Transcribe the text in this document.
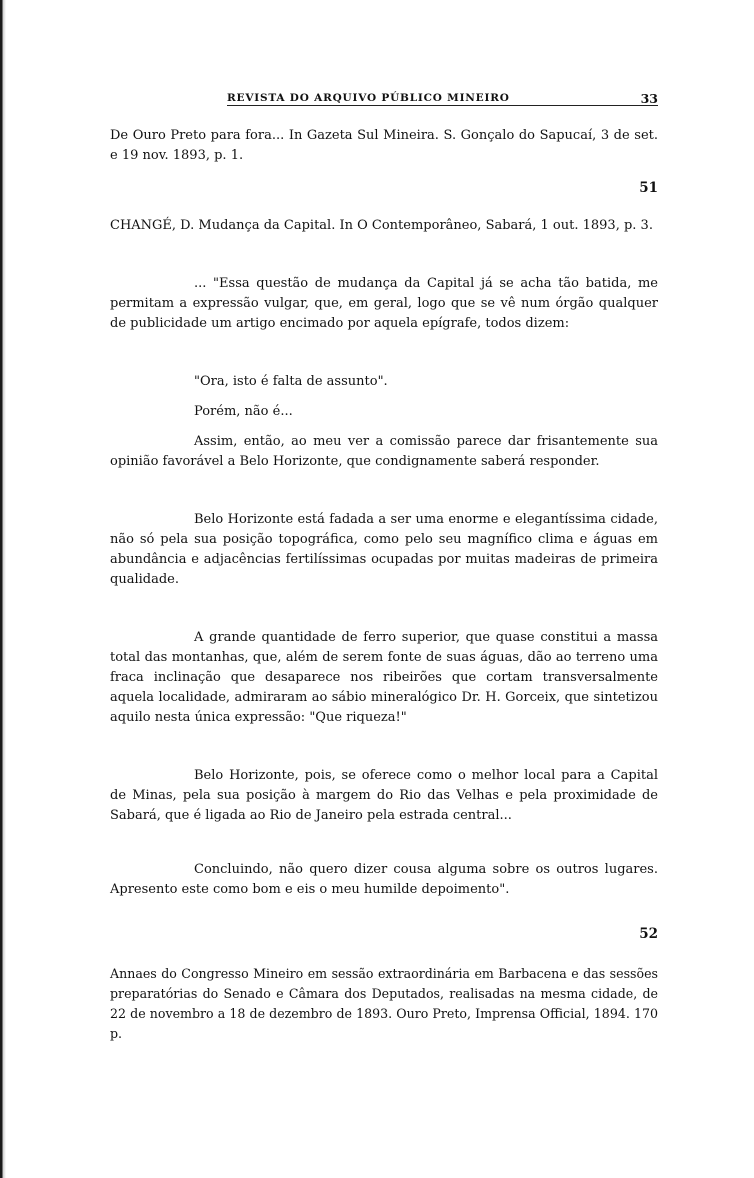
REVISTA DO ARQUIVO PÚBLICO MINEIRO	33

De Ouro Preto para fora... In Gazeta Sul Mineira. S. Gonçalo do Sapucaí, 3 de set. e 19 nov. 1893, p. 1.

51

CHANGÉ, D. Mudança da Capital. In O Contemporâneo, Sabará, 1 out. 1893, p. 3.

... "Essa questão de mudança da Capital já se acha tão batida, me permitam a expressão vulgar, que, em geral, logo que se vê num órgão qualquer de publicidade um artigo encimado por aquela epígrafe, todos dizem:

"Ora, isto é falta de assunto".

Porém, não é...

Assim, então, ao meu ver a comissão parece dar frisantemente sua opinião favorável a Belo Horizonte, que condignamente saberá responder.

Belo Horizonte está fadada a ser uma enorme e elegantíssima cidade, não só pela sua posição topográfica, como pelo seu magnífico clima e águas em abundância e adjacências fertilíssimas ocupadas por muitas madeiras de primeira qualidade.

A grande quantidade de ferro superior, que quase constitui a massa total das montanhas, que, além de serem fonte de suas águas, dão ao terreno uma fraca inclinação que desaparece nos ribeirões que cortam transversalmente aquela localidade, admiraram ao sábio mineralógico Dr. H. Gorceix, que sintetizou aquilo nesta única expressão: "Que riqueza!"

Belo Horizonte, pois, se oferece como o melhor local para a Capital de Minas, pela sua posição à margem do Rio das Velhas e pela proximidade de Sabará, que é ligada ao Rio de Janeiro pela estrada central...

Concluindo, não quero dizer cousa alguma sobre os outros lugares. Apresento este como bom e eis o meu humilde depoimento".

52

Annaes do Congresso Mineiro em sessão extraordinária em Barbacena e das sessões preparatórias do Senado e Câmara dos Deputados, realisadas na mesma cidade, de 22 de novembro a 18 de dezembro de 1893. Ouro Preto, Imprensa Official, 1894. 170 p.
